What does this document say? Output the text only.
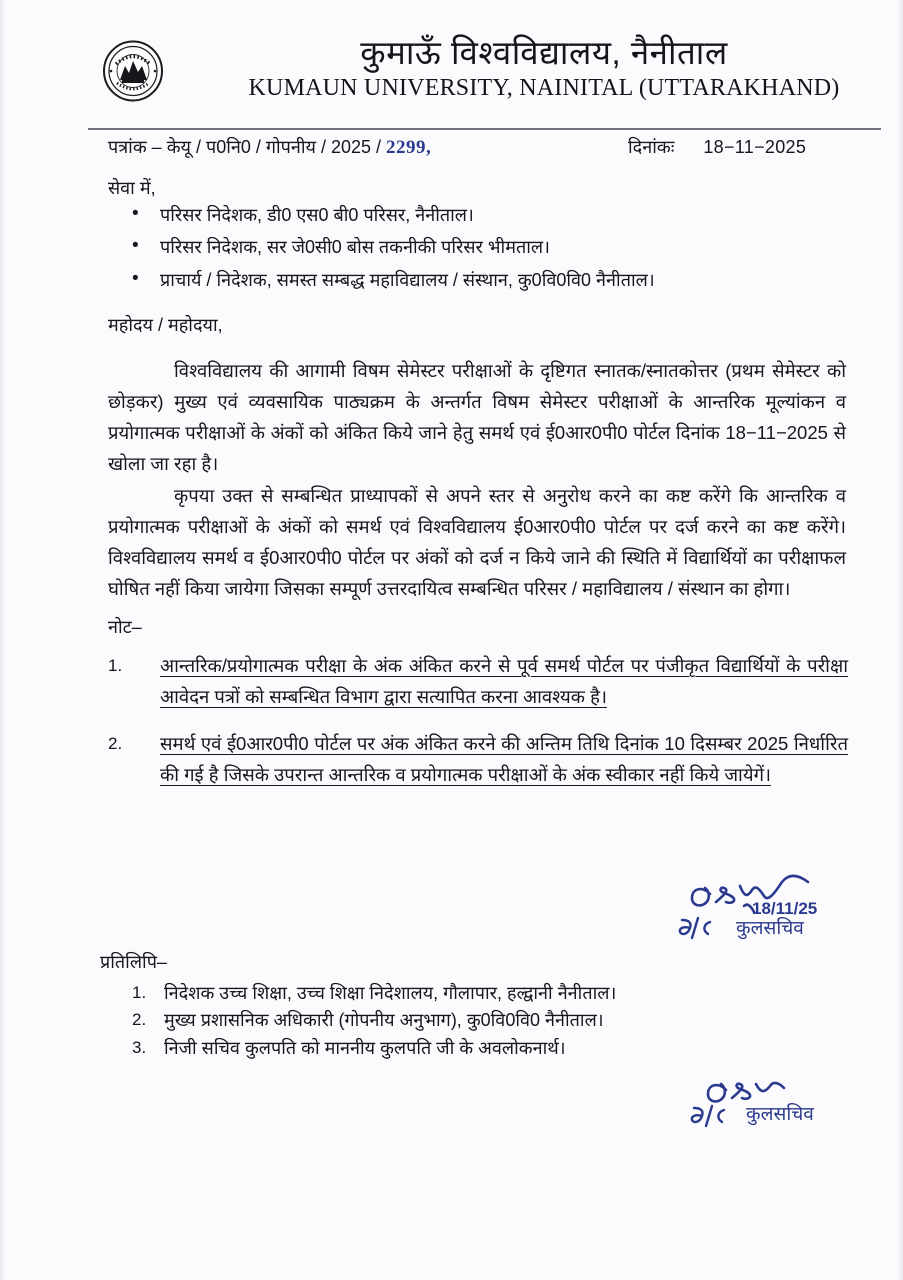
कुमाऊँ विश्वविद्यालय, नैनीताल
KUMAUN UNIVERSITY, NAINITAL (UTTARAKHAND)
पत्रांक – केयू / प0नि0 / गोपनीय / 2025 / 2299,	दिनांकः 18−11−2025
सेवा में,
• परिसर निदेशक, डी0 एस0 बी0 परिसर, नैनीताल।
• परिसर निदेशक, सर जे0सी0 बोस तकनीकी परिसर भीमताल।
• प्राचार्य / निदेशक, समस्त सम्बद्ध महाविद्यालय / संस्थान, कु0वि0वि0 नैनीताल।
महोदय / महोदया,
विश्वविद्यालय की आगामी विषम सेमेस्टर परीक्षाओं के दृष्टिगत स्नातक/स्नातकोत्तर (प्रथम सेमेस्टर को छोड़कर) मुख्य एवं व्यवसायिक पाठ्यक्रम के अन्तर्गत विषम सेमेस्टर परीक्षाओं के आन्तरिक मूल्यांकन व प्रयोगात्मक परीक्षाओं के अंकों को अंकित किये जाने हेतु समर्थ एवं ई0आर0पी0 पोर्टल दिनांक 18−11−2025 से खोला जा रहा है।
कृपया उक्त से सम्बन्धित प्राध्यापकों से अपने स्तर से अनुरोध करने का कष्ट करेंगे कि आन्तरिक व प्रयोगात्मक परीक्षाओं के अंकों को समर्थ एवं विश्वविद्यालय ई0आर0पी0 पोर्टल पर दर्ज करने का कष्ट करेंगे। विश्वविद्यालय समर्थ व ई0आर0पी0 पोर्टल पर अंकों को दर्ज न किये जाने की स्थिति में विद्यार्थियों का परीक्षाफल घोषित नहीं किया जायेगा जिसका सम्पूर्ण उत्तरदायित्व सम्बन्धित परिसर / महाविद्यालय / संस्थान का होगा।
नोट–
1.	आन्तरिक/प्रयोगात्मक परीक्षा के अंक अंकित करने से पूर्व समर्थ पोर्टल पर पंजीकृत विद्यार्थियों के परीक्षा आवेदन पत्रों को सम्बन्धित विभाग द्वारा सत्यापित करना आवश्यक है।
2.	समर्थ एवं ई0आर0पी0 पोर्टल पर अंक अंकित करने की अन्तिम तिथि दिनांक 10 दिसम्बर 2025 निर्धारित की गई है जिसके उपरान्त आन्तरिक व प्रयोगात्मक परीक्षाओं के अंक स्वीकार नहीं किये जायेगें।
18/11/25
कुलसचिव
प्रतिलिपि–
1. निदेशक उच्च शिक्षा, उच्च शिक्षा निदेशालय, गौलापार, हल्द्वानी नैनीताल।
2. मुख्य प्रशासनिक अधिकारी (गोपनीय अनुभाग), कु0वि0वि0 नैनीताल।
3. निजी सचिव कुलपति को माननीय कुलपति जी के अवलोकनार्थ।
कुलसचिव
